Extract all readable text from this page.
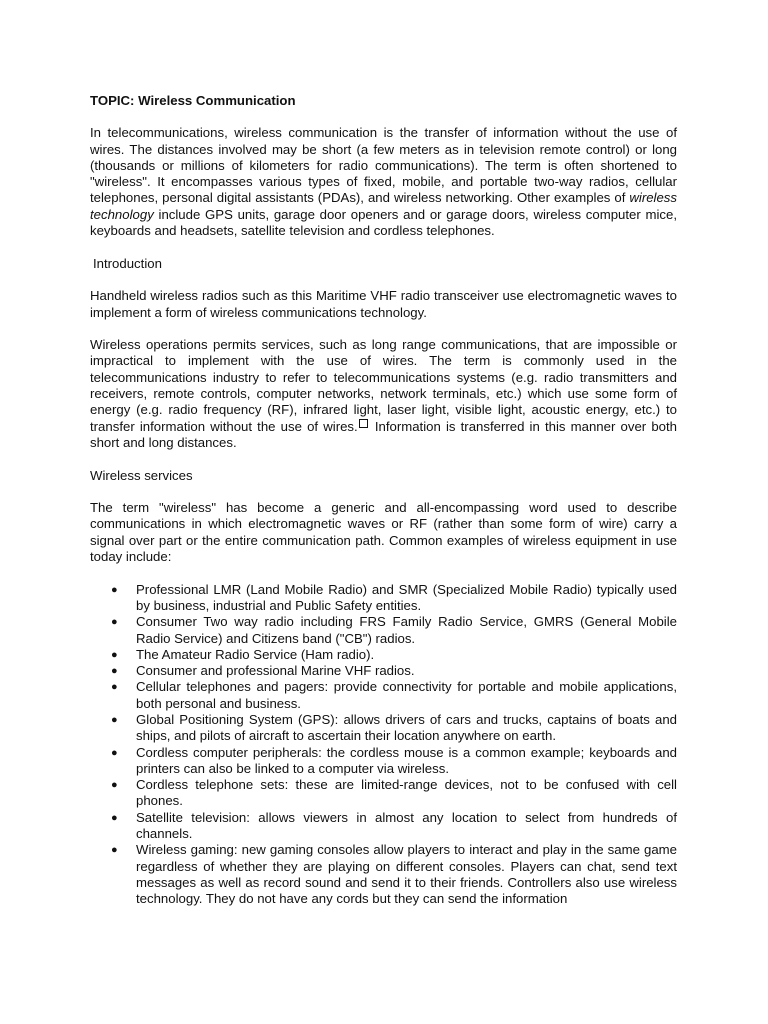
TOPIC: Wireless Communication

In telecommunications, wireless communication is the transfer of information without the use of wires. The distances involved may be short (a few meters as in television remote control) or long (thousands or millions of kilometers for radio communications). The term is often shortened to "wireless". It encompasses various types of fixed, mobile, and portable two-way radios, cellular telephones, personal digital assistants (PDAs), and wireless networking. Other examples of wireless technology include GPS units, garage door openers and or garage doors, wireless computer mice, keyboards and headsets, satellite television and cordless telephones.

Introduction

Handheld wireless radios such as this Maritime VHF radio transceiver use electromagnetic waves to implement a form of wireless communications technology.

Wireless operations permits services, such as long range communications, that are impossible or impractical to implement with the use of wires. The term is commonly used in the telecommunications industry to refer to telecommunications systems (e.g. radio transmitters and receivers, remote controls, computer networks, network terminals, etc.) which use some form of energy (e.g. radio frequency (RF), infrared light, laser light, visible light, acoustic energy, etc.) to transfer information without the use of wires. Information is transferred in this manner over both short and long distances.

Wireless services

The term "wireless" has become a generic and all-encompassing word used to describe communications in which electromagnetic waves or RF (rather than some form of wire) carry a signal over part or the entire communication path. Common examples of wireless equipment in use today include:

● Professional LMR (Land Mobile Radio) and SMR (Specialized Mobile Radio) typically used by business, industrial and Public Safety entities.
● Consumer Two way radio including FRS Family Radio Service, GMRS (General Mobile Radio Service) and Citizens band ("CB") radios.
● The Amateur Radio Service (Ham radio).
● Consumer and professional Marine VHF radios.
● Cellular telephones and pagers: provide connectivity for portable and mobile applications, both personal and business.
● Global Positioning System (GPS): allows drivers of cars and trucks, captains of boats and ships, and pilots of aircraft to ascertain their location anywhere on earth.
● Cordless computer peripherals: the cordless mouse is a common example; keyboards and printers can also be linked to a computer via wireless.
● Cordless telephone sets: these are limited-range devices, not to be confused with cell phones.
● Satellite television: allows viewers in almost any location to select from hundreds of channels.
● Wireless gaming: new gaming consoles allow players to interact and play in the same game regardless of whether they are playing on different consoles. Players can chat, send text messages as well as record sound and send it to their friends. Controllers also use wireless technology. They do not have any cords but they can send the information
